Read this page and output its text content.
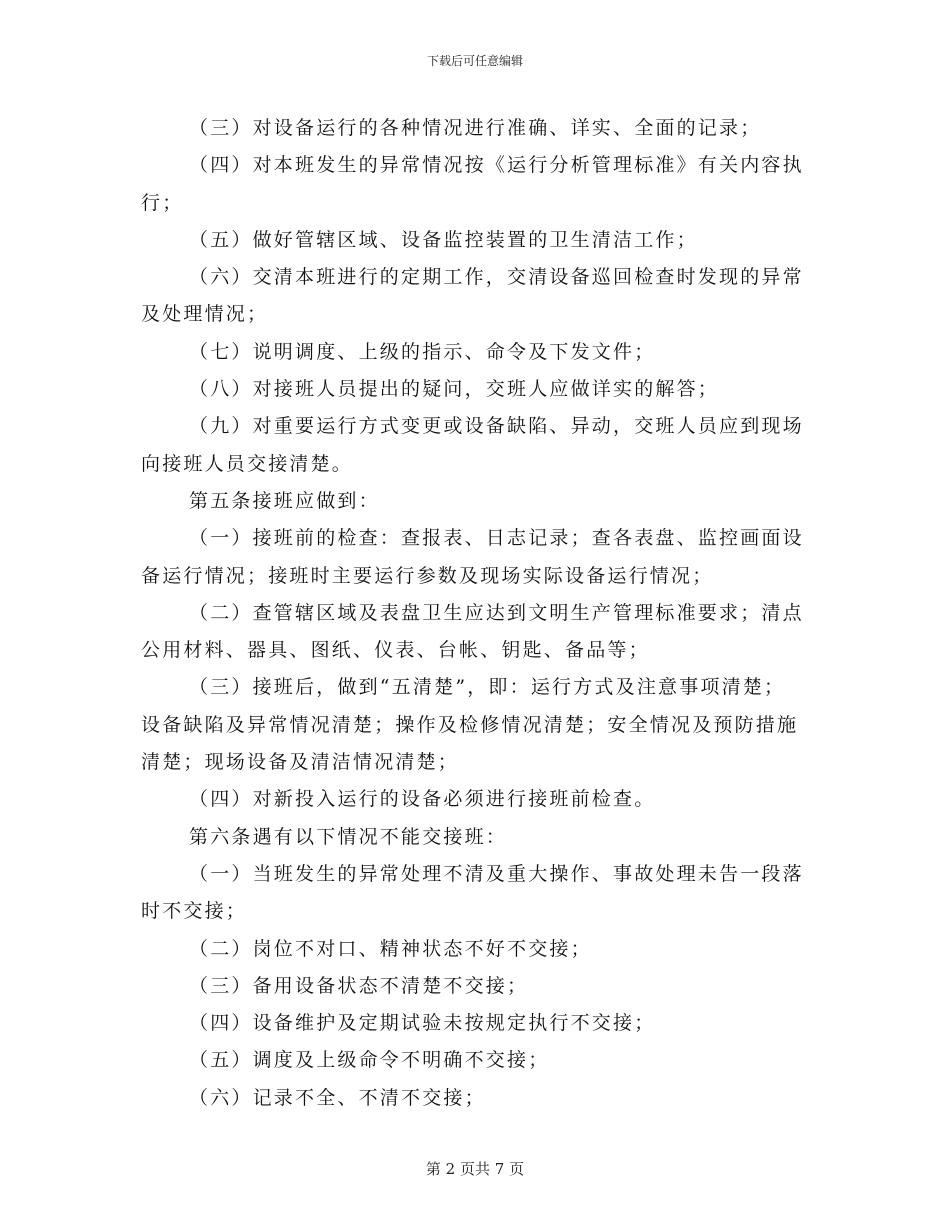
下载后可任意编辑

（三）对设备运行的各种情况进行准确、详实、全面的记录；

（四）对本班发生的异常情况按《运行分析管理标准》有关内容执行；

（五）做好管辖区域、设备监控装置的卫生清洁工作；

（六）交清本班进行的定期工作，交清设备巡回检查时发现的异常及处理情况；

（七）说明调度、上级的指示、命令及下发文件；

（八）对接班人员提出的疑问，交班人应做详实的解答；

（九）对重要运行方式变更或设备缺陷、异动，交班人员应到现场向接班人员交接清楚。

第五条接班应做到：

（一）接班前的检查：查报表、日志记录；查各表盘、监控画面设备运行情况；接班时主要运行参数及现场实际设备运行情况；

（二）查管辖区域及表盘卫生应达到文明生产管理标准要求；清点公用材料、器具、图纸、仪表、台帐、钥匙、备品等；

（三）接班后，做到“五清楚”，即：运行方式及注意事项清楚；设备缺陷及异常情况清楚；操作及检修情况清楚；安全情况及预防措施清楚；现场设备及清洁情况清楚；

（四）对新投入运行的设备必须进行接班前检查。

第六条遇有以下情况不能交接班：

（一）当班发生的异常处理不清及重大操作、事故处理未告一段落时不交接；

（二）岗位不对口、精神状态不好不交接；

（三）备用设备状态不清楚不交接；

（四）设备维护及定期试验未按规定执行不交接；

（五）调度及上级命令不明确不交接；

（六）记录不全、不清不交接；

第 2 页共 7 页
